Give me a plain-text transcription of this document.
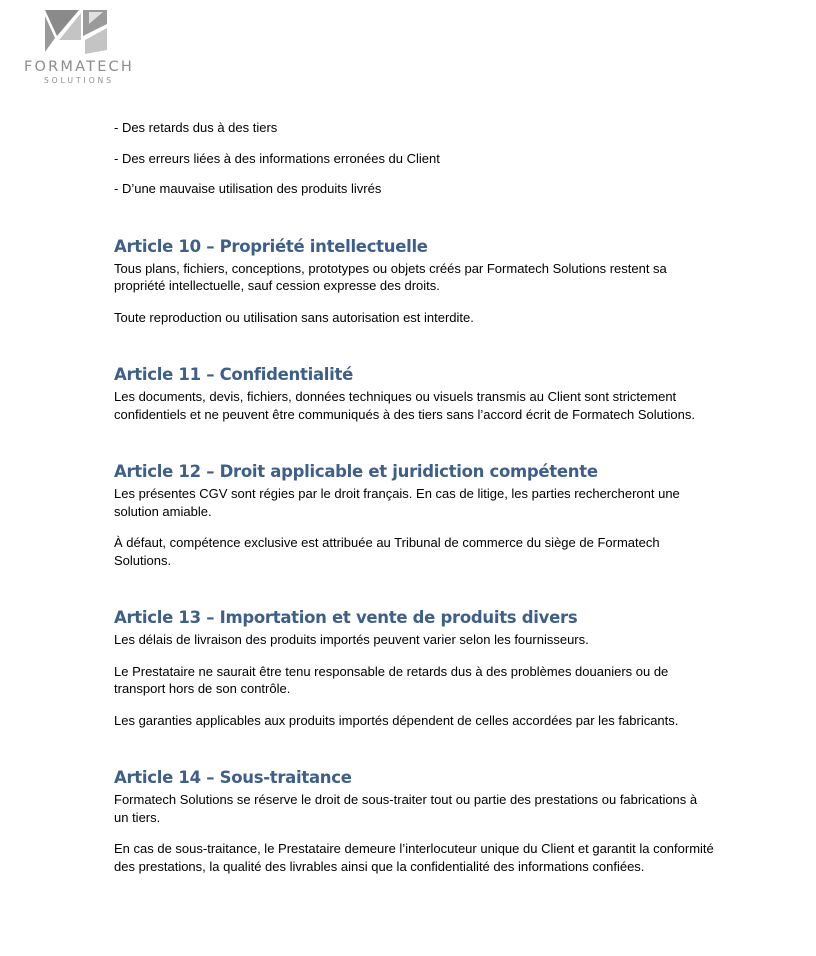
FORMATECH
SOLUTIONS

- Des retards dus à des tiers

- Des erreurs liées à des informations erronées du Client

- D’une mauvaise utilisation des produits livrés

Article 10 – Propriété intellectuelle

Tous plans, fichiers, conceptions, prototypes ou objets créés par Formatech Solutions restent sa propriété intellectuelle, sauf cession expresse des droits.

Toute reproduction ou utilisation sans autorisation est interdite.

Article 11 – Confidentialité

Les documents, devis, fichiers, données techniques ou visuels transmis au Client sont strictement confidentiels et ne peuvent être communiqués à des tiers sans l’accord écrit de Formatech Solutions.

Article 12 – Droit applicable et juridiction compétente

Les présentes CGV sont régies par le droit français. En cas de litige, les parties rechercheront une solution amiable.

À défaut, compétence exclusive est attribuée au Tribunal de commerce du siège de Formatech Solutions.

Article 13 – Importation et vente de produits divers

Les délais de livraison des produits importés peuvent varier selon les fournisseurs.

Le Prestataire ne saurait être tenu responsable de retards dus à des problèmes douaniers ou de transport hors de son contrôle.

Les garanties applicables aux produits importés dépendent de celles accordées par les fabricants.

Article 14 – Sous-traitance

Formatech Solutions se réserve le droit de sous-traiter tout ou partie des prestations ou fabrications à un tiers.

En cas de sous-traitance, le Prestataire demeure l’interlocuteur unique du Client et garantit la conformité des prestations, la qualité des livrables ainsi que la confidentialité des informations confiées.
